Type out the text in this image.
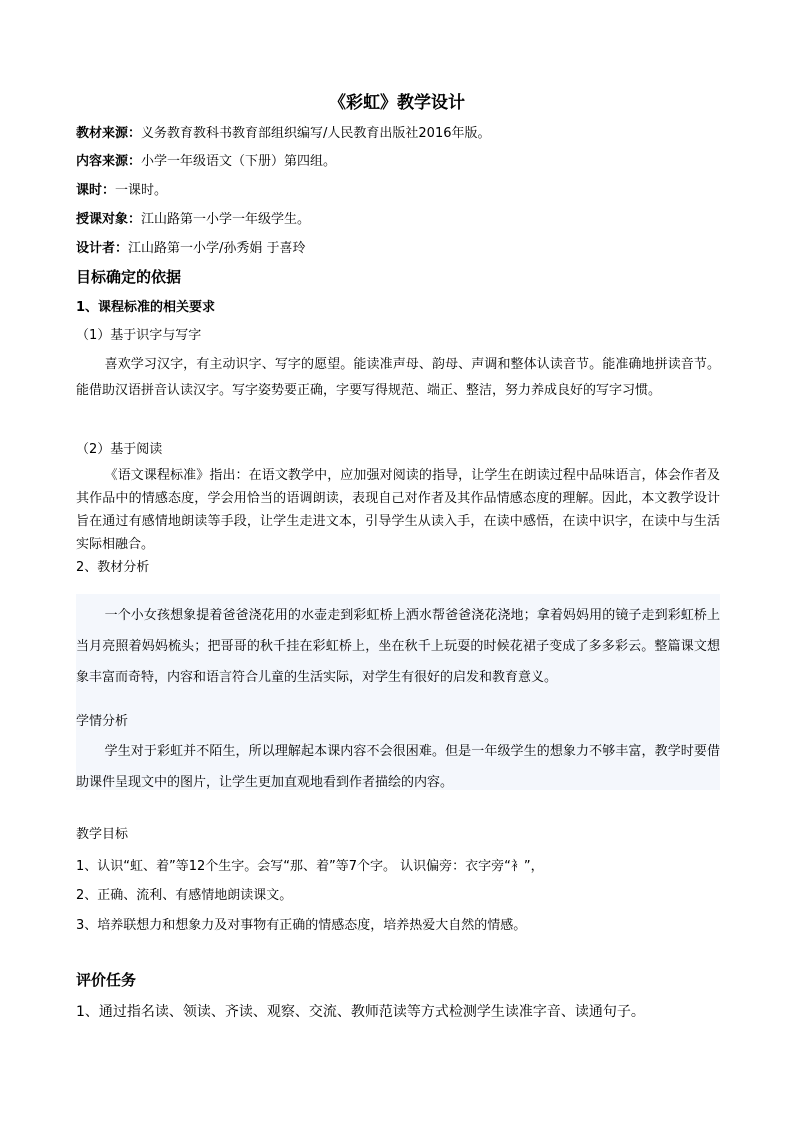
《彩虹》教学设计
教材来源：义务教育教科书教育部组织编写/人民教育出版社2016年版。
内容来源：小学一年级语文（下册）第四组。
课时：一课时。
授课对象：江山路第一小学一年级学生。
设计者：江山路第一小学/孙秀娟 于喜玲
目标确定的依据
1、课程标准的相关要求
（1）基于识字与写字
喜欢学习汉字，有主动识字、写字的愿望。能读准声母、韵母、声调和整体认读音节。能准确地拼读音节。能借助汉语拼音认读汉字。写字姿势要正确，字要写得规范、端正、整洁，努力养成良好的写字习惯。
（2）基于阅读
《语文课程标准》指出：在语文教学中，应加强对阅读的指导，让学生在朗读过程中品味语言，体会作者及其作品中的情感态度，学会用恰当的语调朗读，表现自己对作者及其作品情感态度的理解。因此，本文教学设计旨在通过有感情地朗读等手段，让学生走进文本，引导学生从读入手，在读中感悟，在读中识字，在读中与生活实际相融合。
2、教材分析
一个小女孩想象提着爸爸浇花用的水壶走到彩虹桥上洒水帮爸爸浇花浇地；拿着妈妈用的镜子走到彩虹桥上当月亮照着妈妈梳头；把哥哥的秋千挂在彩虹桥上，坐在秋千上玩耍的时候花裙子变成了多多彩云。整篇课文想象丰富而奇特，内容和语言符合儿童的生活实际，对学生有很好的启发和教育意义。
学情分析
学生对于彩虹并不陌生，所以理解起本课内容不会很困难。但是一年级学生的想象力不够丰富，教学时要借助课件呈现文中的图片，让学生更加直观地看到作者描绘的内容。
教学目标
1、认识“虹、着”等12个生字。会写“那、着”等7个字。 认识偏旁：衣字旁“衤”，
2、正确、流利、有感情地朗读课文。
3、培养联想力和想象力及对事物有正确的情感态度，培养热爱大自然的情感。
评价任务
1、通过指名读、领读、齐读、观察、交流、教师范读等方式检测学生读准字音、读通句子。
